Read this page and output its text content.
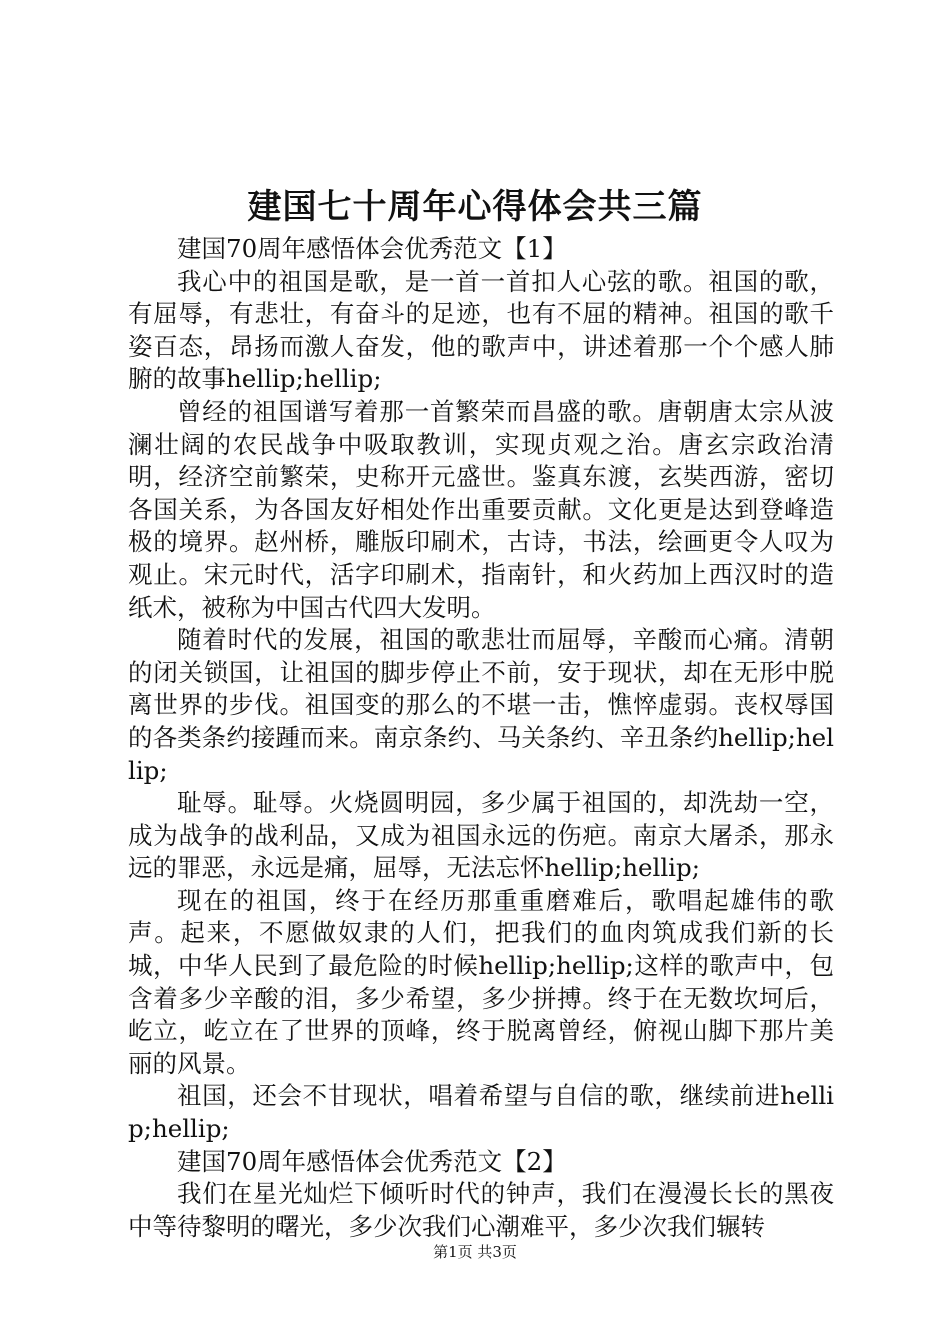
建国七十周年心得体会共三篇

建国70周年感悟体会优秀范文【1】

我心中的祖国是歌，是一首一首扣人心弦的歌。祖国的歌，有屈辱，有悲壮，有奋斗的足迹，也有不屈的精神。祖国的歌千姿百态，昂扬而激人奋发，他的歌声中，讲述着那一个个感人肺腑的故事hellip;hellip;

曾经的祖国谱写着那一首繁荣而昌盛的歌。唐朝唐太宗从波澜壮阔的农民战争中吸取教训，实现贞观之治。唐玄宗政治清明，经济空前繁荣，史称开元盛世。鉴真东渡，玄奘西游，密切各国关系，为各国友好相处作出重要贡献。文化更是达到登峰造极的境界。赵州桥，雕版印刷术，古诗，书法，绘画更令人叹为观止。宋元时代，活字印刷术，指南针，和火药加上西汉时的造纸术，被称为中国古代四大发明。

随着时代的发展，祖国的歌悲壮而屈辱，辛酸而心痛。清朝的闭关锁国，让祖国的脚步停止不前，安于现状，却在无形中脱离世界的步伐。祖国变的那么的不堪一击，憔悴虚弱。丧权辱国的各类条约接踵而来。南京条约、马关条约、辛丑条约hellip;hellip;

耻辱。耻辱。火烧圆明园，多少属于祖国的，却洗劫一空，成为战争的战利品，又成为祖国永远的伤疤。南京大屠杀，那永远的罪恶，永远是痛，屈辱，无法忘怀hellip;hellip;

现在的祖国，终于在经历那重重磨难后，歌唱起雄伟的歌声。起来，不愿做奴隶的人们，把我们的血肉筑成我们新的长城，中华人民到了最危险的时候hellip;hellip;这样的歌声中，包含着多少辛酸的泪，多少希望，多少拼搏。终于在无数坎坷后，屹立，屹立在了世界的顶峰，终于脱离曾经，俯视山脚下那片美丽的风景。

祖国，还会不甘现状，唱着希望与自信的歌，继续前进hellip;hellip;

建国70周年感悟体会优秀范文【2】

我们在星光灿烂下倾听时代的钟声，我们在漫漫长长的黑夜中等待黎明的曙光，多少次我们心潮难平，多少次我们辗转

第1页 共3页
